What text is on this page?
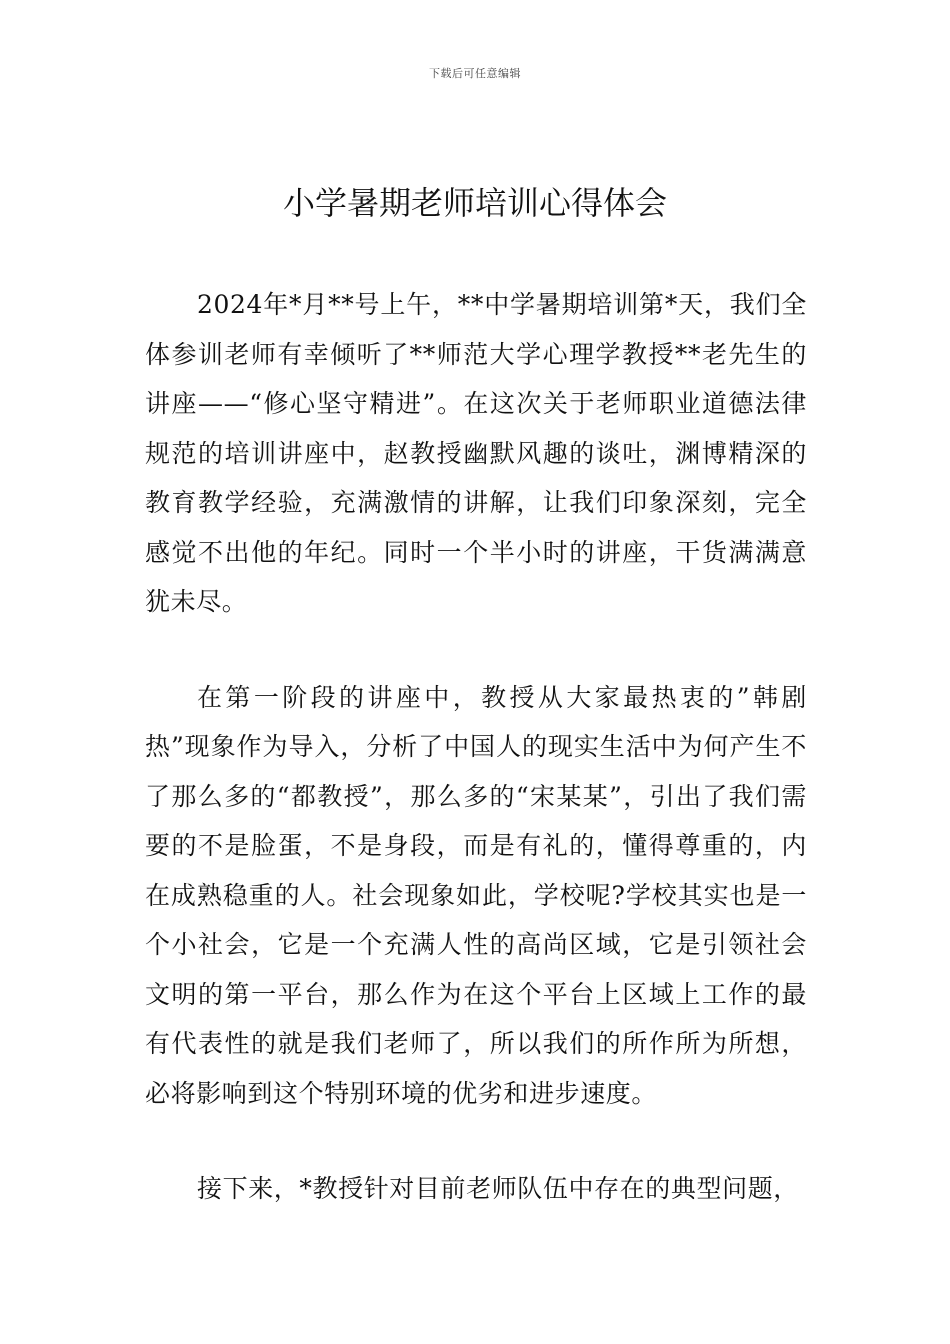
下载后可任意编辑
小学暑期老师培训心得体会

2024年*月**号上午，**中学暑期培训第*天，我们全体参训老师有幸倾听了**师范大学心理学教授**老先生的讲座——“修心坚守精进”。在这次关于老师职业道德法律规范的培训讲座中，赵教授幽默风趣的谈吐，渊博精深的教育教学经验，充满激情的讲解，让我们印象深刻，完全感觉不出他的年纪。同时一个半小时的讲座，干货满满意犹未尽。

在第一阶段的讲座中，教授从大家最热衷的”韩剧热”现象作为导入，分析了中国人的现实生活中为何产生不了那么多的“都教授”，那么多的“宋某某”，引出了我们需要的不是脸蛋，不是身段，而是有礼的，懂得尊重的，内在成熟稳重的人。社会现象如此，学校呢?学校其实也是一个小社会，它是一个充满人性的高尚区域，它是引领社会文明的第一平台，那么作为在这个平台上区域上工作的最有代表性的就是我们老师了，所以我们的所作所为所想，必将影响到这个特别环境的优劣和进步速度。

接下来，*教授针对目前老师队伍中存在的典型问题，
